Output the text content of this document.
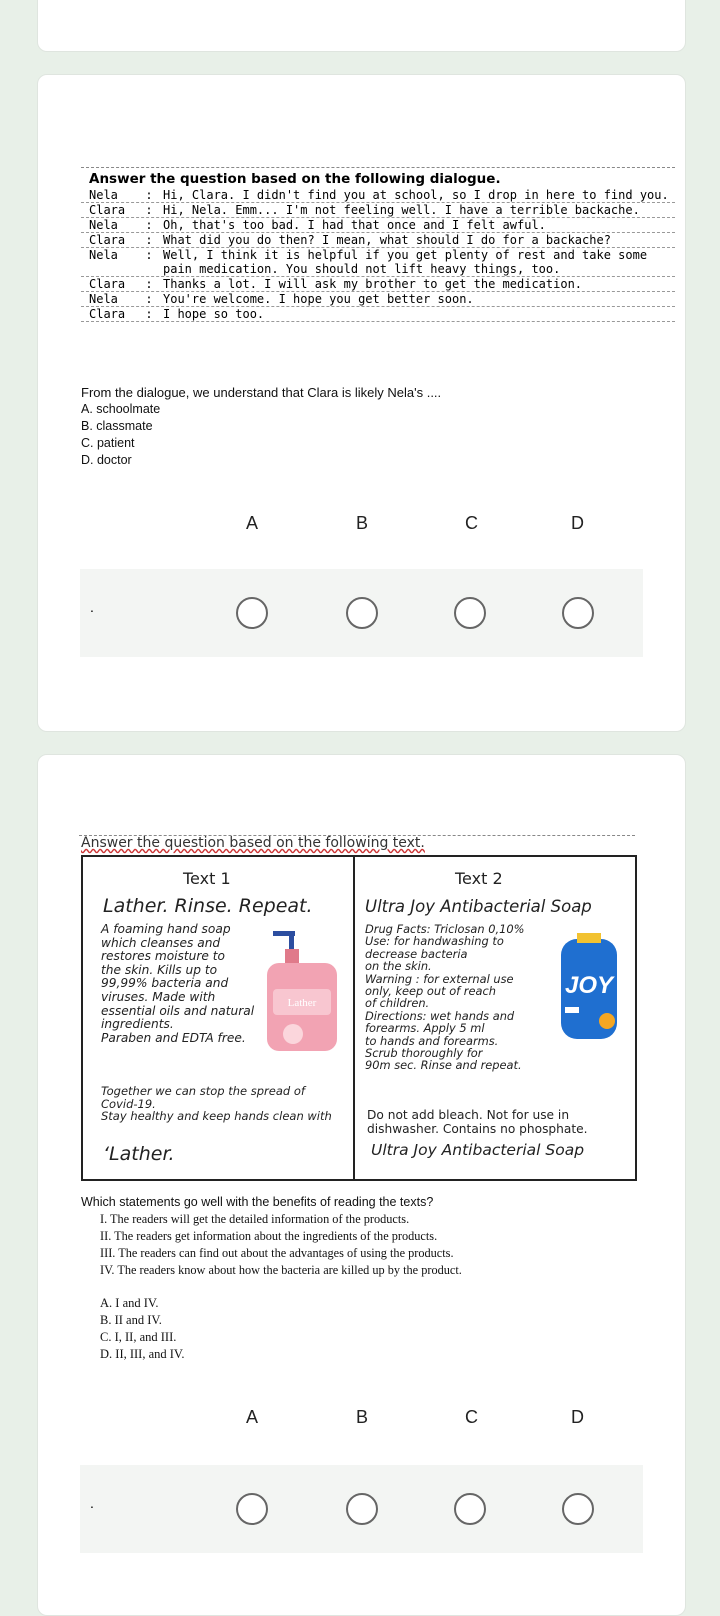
Answer the question based on the following dialogue.
Nela	: Hi, Clara. I didn't find you at school, so I drop in here to find you.
Clara	: Hi, Nela. Emm... I'm not feeling well. I have a terrible backache.
Nela	: Oh, that's too bad. I had that once and I felt awful.
Clara	: What did you do then? I mean, what should I do for a backache?
Nela	: Well, I think it is helpful if you get plenty of rest and take some pain medication. You should not lift heavy things, too.
Clara	: Thanks a lot. I will ask my brother to get the medication.
Nela	: You're welcome. I hope you get better soon.
Clara	: I hope so too.
From the dialogue, we understand that Clara is likely Nela's ....
A. schoolmate
B. classmate
C. patient
D. doctor
A	B	C	D
.
Answer the question based on the following text.
Text 1
Lather. Rinse. Repeat.
A foaming hand soap
which cleanses and
restores moisture to
the skin. Kills up to
99,99% bacteria and
viruses. Made with
essential oils and natural
ingredients.
Paraben and EDTA free.
Lather
Together we can stop the spread of
Covid-19.
Stay healthy and keep hands clean with
‘Lather.
Text 2
Ultra Joy Antibacterial Soap
Drug Facts: Triclosan 0,10%
Use: for handwashing to
decrease bacteria
on the skin.
Warning : for external use
only, keep out of reach
of children.
Directions: wet hands and
forearms. Apply 5 ml
to hands and forearms.
Scrub thoroughly for
90m sec. Rinse and repeat.
JOY
Do not add bleach. Not for use in
dishwasher. Contains no phosphate.
Ultra Joy Antibacterial Soap
Which statements go well with the benefits of reading the texts?
I. The readers will get the detailed information of the products.
II. The readers get information about the ingredients of the products.
III. The readers can find out about the advantages of using the products.
IV. The readers know about how the bacteria are killed up by the product.
A. I and IV.
B. II and IV.
C. I, II, and III.
D. II, III, and IV.
A	B	C	D
.
